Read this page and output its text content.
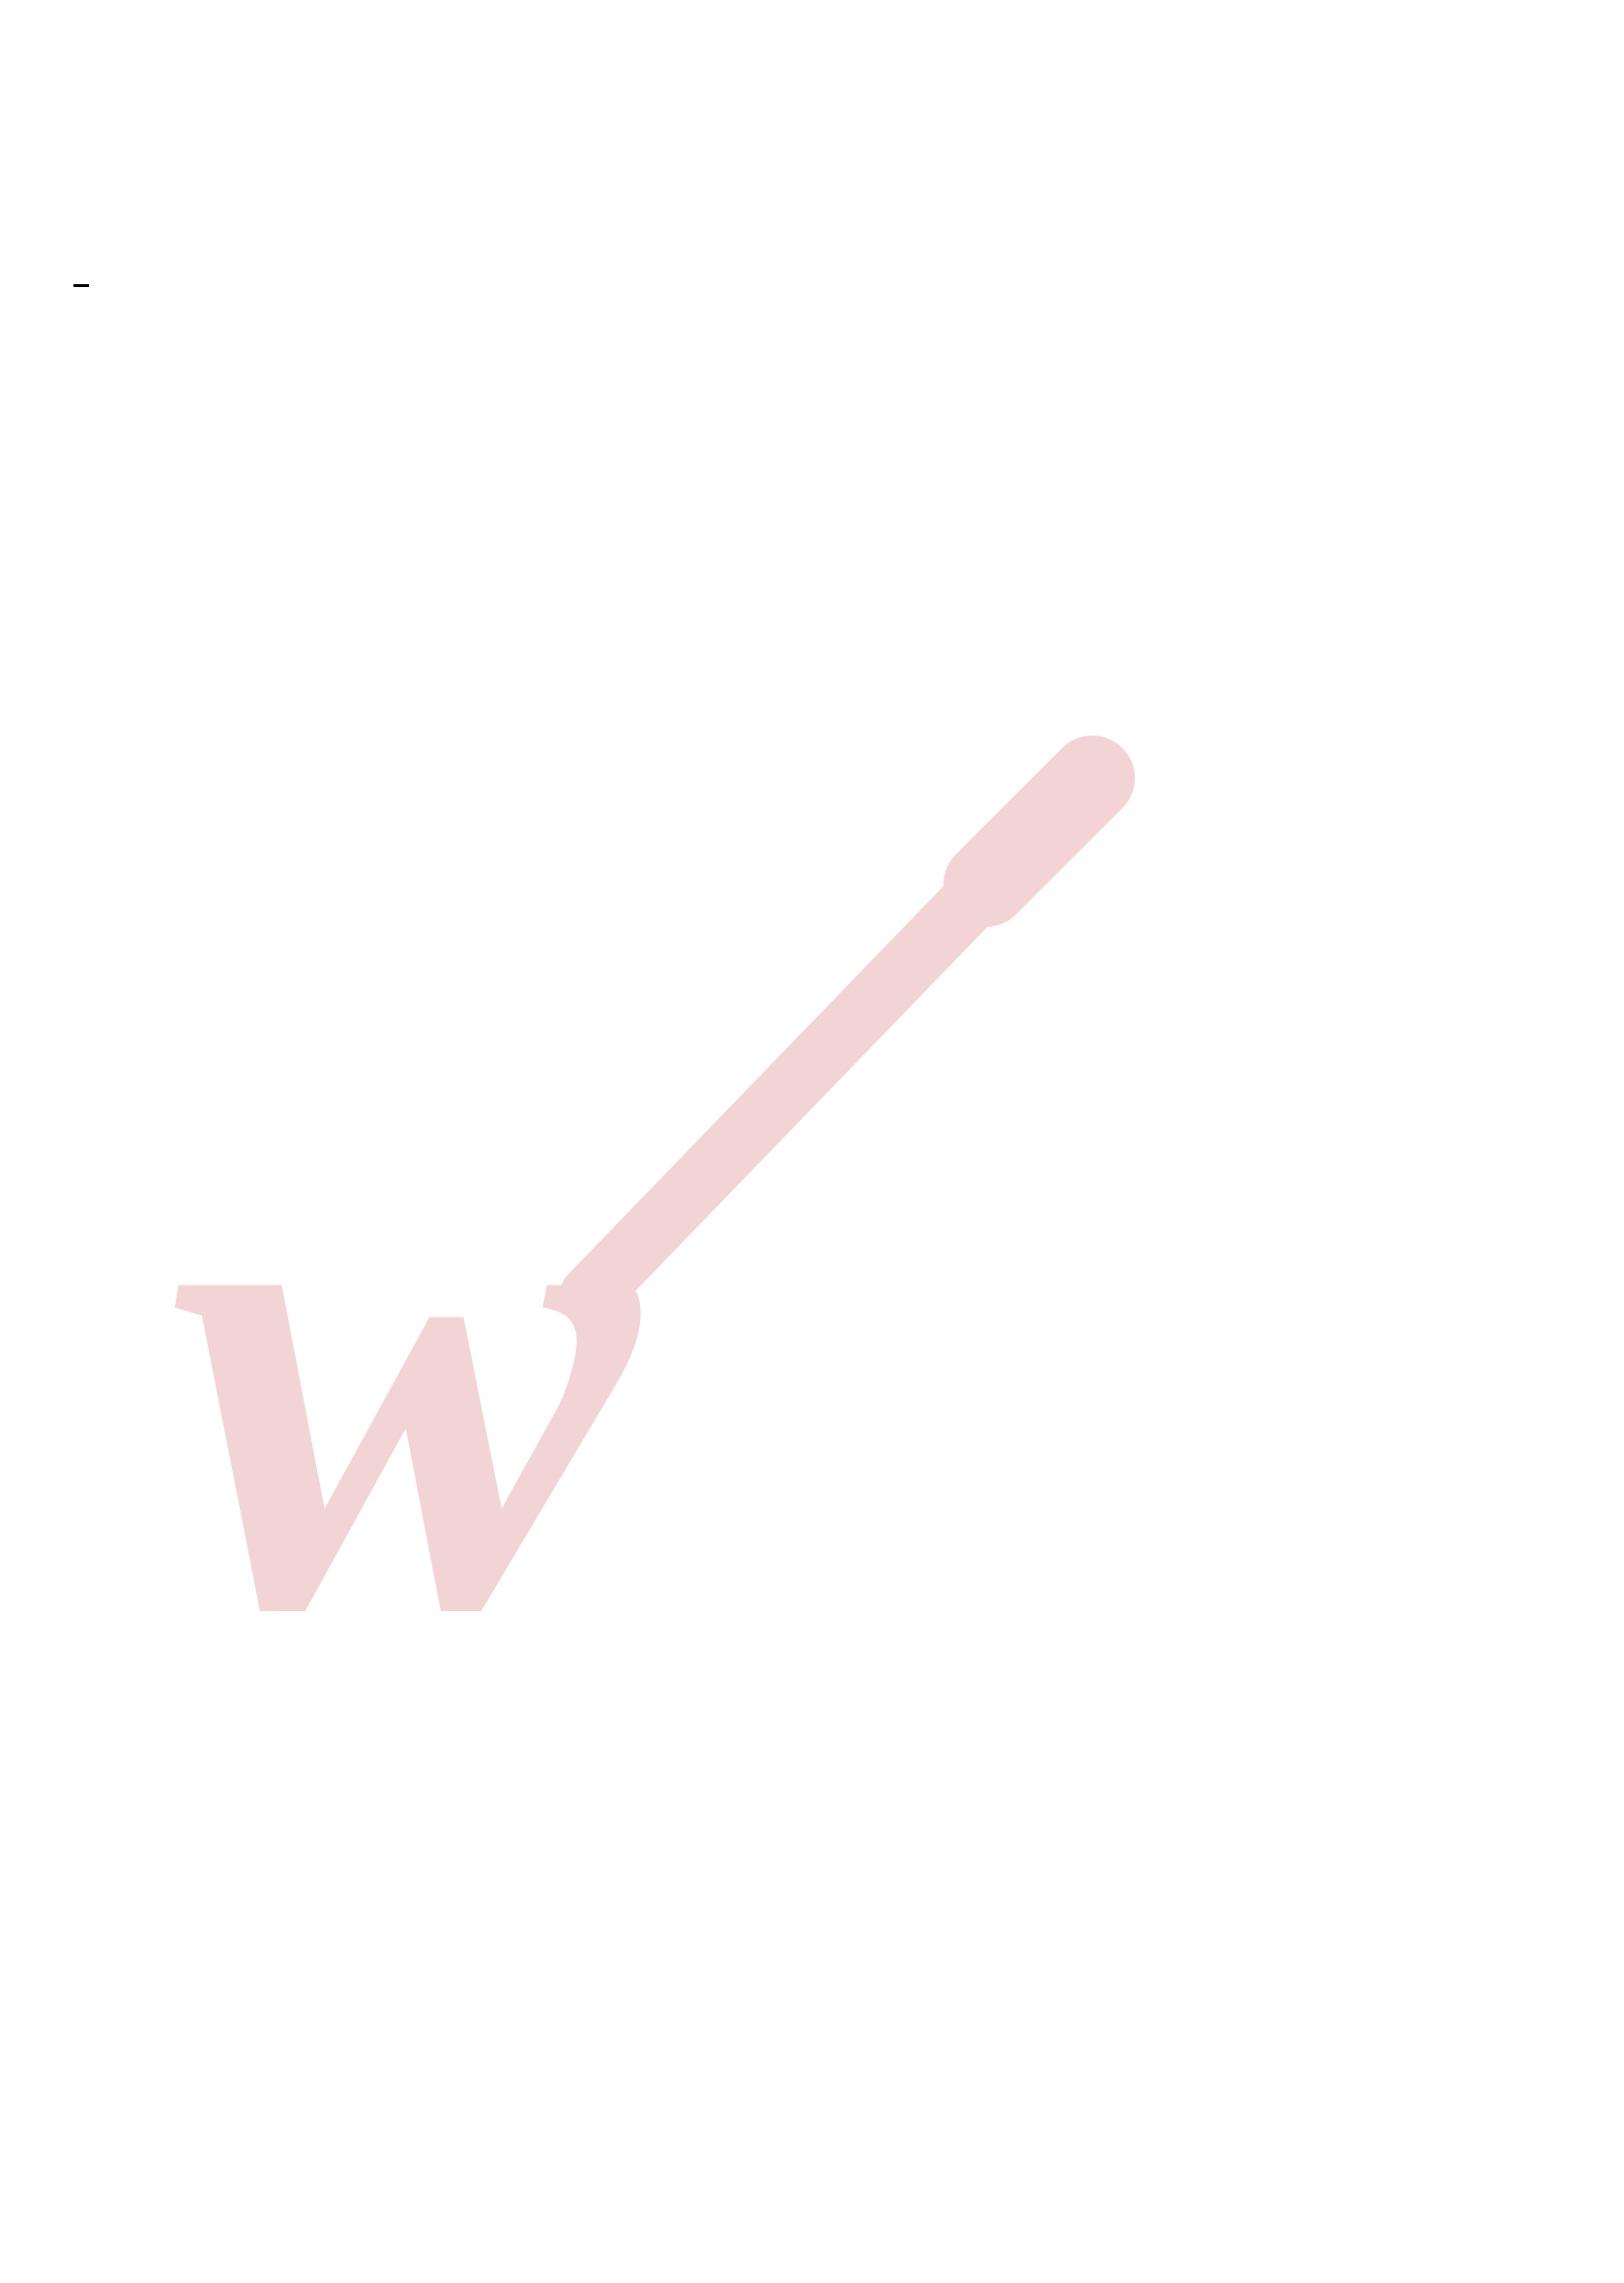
w
